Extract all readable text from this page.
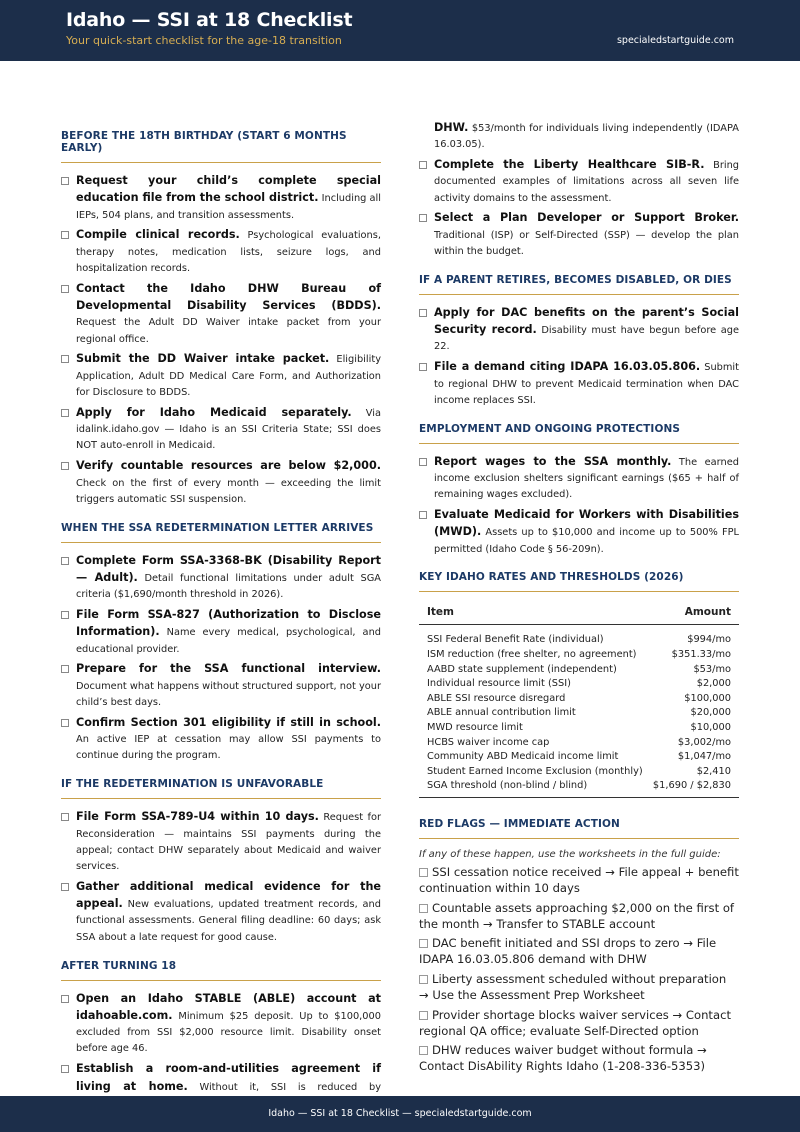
Idaho — SSI at 18 Checklist
Your quick-start checklist for the age-18 transition	specialedstartguide.com
BEFORE THE 18TH BIRTHDAY (START 6 MONTHS EARLY)
Request your child’s complete special education file from the school district. Including all IEPs, 504 plans, and transition assessments.
Compile clinical records. Psychological evaluations, therapy notes, medication lists, seizure logs, and hospitalization records.
Contact the Idaho DHW Bureau of Developmental Disability Services (BDDS). Request the Adult DD Waiver intake packet from your regional office.
Submit the DD Waiver intake packet. Eligibility Application, Adult DD Medical Care Form, and Authorization for Disclosure to BDDS.
Apply for Idaho Medicaid separately. Via idalink.idaho.gov — Idaho is an SSI Criteria State; SSI does NOT auto-enroll in Medicaid.
Verify countable resources are below $2,000. Check on the first of every month — exceeding the limit triggers automatic SSI suspension.
WHEN THE SSA REDETERMINATION LETTER ARRIVES
Complete Form SSA-3368-BK (Disability Report — Adult). Detail functional limitations under adult SGA criteria ($1,690/month threshold in 2026).
File Form SSA-827 (Authorization to Disclose Information). Name every medical, psychological, and educational provider.
Prepare for the SSA functional interview. Document what happens without structured support, not your child’s best days.
Confirm Section 301 eligibility if still in school. An active IEP at cessation may allow SSI payments to continue during the program.
IF THE REDETERMINATION IS UNFAVORABLE
File Form SSA-789-U4 within 10 days. Request for Reconsideration — maintains SSI payments during the appeal; contact DHW separately about Medicaid and waiver services.
Gather additional medical evidence for the appeal. New evaluations, updated treatment records, and functional assessments. General filing deadline: 60 days; ask SSA about a late request for good cause.
AFTER TURNING 18
Open an Idaho STABLE (ABLE) account at idahoable.com. Minimum $25 deposit. Up to $100,000 excluded from SSI $2,000 resource limit. Disability onset before age 46.
Establish a room-and-utilities agreement if living at home. Without it, SSI is reduced by
DHW. $53/month for individuals living independently (IDAPA 16.03.05).
Complete the Liberty Healthcare SIB-R. Bring documented examples of limitations across all seven life activity domains to the assessment.
Select a Plan Developer or Support Broker. Traditional (ISP) or Self-Directed (SSP) — develop the plan within the budget.
IF A PARENT RETIRES, BECOMES DISABLED, OR DIES
Apply for DAC benefits on the parent’s Social Security record. Disability must have begun before age 22.
File a demand citing IDAPA 16.03.05.806. Submit to regional DHW to prevent Medicaid termination when DAC income replaces SSI.
EMPLOYMENT AND ONGOING PROTECTIONS
Report wages to the SSA monthly. The earned income exclusion shelters significant earnings ($65 + half of remaining wages excluded).
Evaluate Medicaid for Workers with Disabilities (MWD). Assets up to $10,000 and income up to 500% FPL permitted (Idaho Code § 56-209n).
KEY IDAHO RATES AND THRESHOLDS (2026)
Item	Amount
SSI Federal Benefit Rate (individual)	$994/mo
ISM reduction (free shelter, no agreement)	$351.33/mo
AABD state supplement (independent)	$53/mo
Individual resource limit (SSI)	$2,000
ABLE SSI resource disregard	$100,000
ABLE annual contribution limit	$20,000
MWD resource limit	$10,000
HCBS waiver income cap	$3,002/mo
Community ABD Medicaid income limit	$1,047/mo
Student Earned Income Exclusion (monthly)	$2,410
SGA threshold (non-blind / blind)	$1,690 / $2,830
RED FLAGS — IMMEDIATE ACTION
If any of these happen, use the worksheets in the full guide:
SSI cessation notice received → File appeal + benefit continuation within 10 days
Countable assets approaching $2,000 on the first of the month → Transfer to STABLE account
DAC benefit initiated and SSI drops to zero → File IDAPA 16.03.05.806 demand with DHW
Liberty assessment scheduled without preparation → Use the Assessment Prep Worksheet
Provider shortage blocks waiver services → Contact regional QA office; evaluate Self-Directed option
DHW reduces waiver budget without formula → Contact DisAbility Rights Idaho (1-208-336-5353)
Idaho — SSI at 18 Checklist — specialedstartguide.com
